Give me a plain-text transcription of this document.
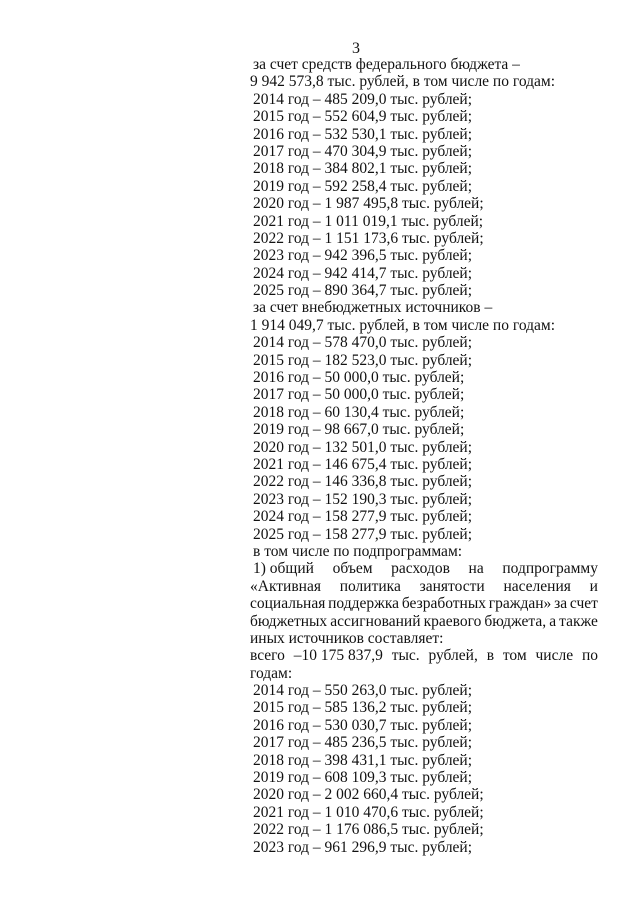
3
за счет средств федерального бюджета –
9 942 573,8 тыс. рублей, в том числе по годам:
2014 год – 485 209,0 тыс. рублей;
2015 год – 552 604,9 тыс. рублей;
2016 год – 532 530,1 тыс. рублей;
2017 год – 470 304,9 тыс. рублей;
2018 год – 384 802,1 тыс. рублей;
2019 год – 592 258,4 тыс. рублей;
2020 год – 1 987 495,8 тыс. рублей;
2021 год – 1 011 019,1 тыс. рублей;
2022 год – 1 151 173,6 тыс. рублей;
2023 год – 942 396,5 тыс. рублей;
2024 год – 942 414,7 тыс. рублей;
2025 год – 890 364,7 тыс. рублей;
за счет внебюджетных источников –
1 914 049,7 тыс. рублей, в том числе по годам:
2014 год – 578 470,0 тыс. рублей;
2015 год – 182 523,0 тыс. рублей;
2016 год – 50 000,0 тыс. рублей;
2017 год – 50 000,0 тыс. рублей;
2018 год – 60 130,4 тыс. рублей;
2019 год – 98 667,0 тыс. рублей;
2020 год – 132 501,0 тыс. рублей;
2021 год – 146 675,4 тыс. рублей;
2022 год – 146 336,8 тыс. рублей;
2023 год – 152 190,3 тыс. рублей;
2024 год – 158 277,9 тыс. рублей;
2025 год – 158 277,9 тыс. рублей;
в том числе по подпрограммам:
1) общий объем расходов на подпрограмму
«Активная политика занятости населения и
социальная поддержка безработных граждан» за счет
бюджетных ассигнований краевого бюджета, а также
иных источников составляет:
всего –10 175 837,9 тыс. рублей, в том числе по
годам:
2014 год – 550 263,0 тыс. рублей;
2015 год – 585 136,2 тыс. рублей;
2016 год – 530 030,7 тыс. рублей;
2017 год – 485 236,5 тыс. рублей;
2018 год – 398 431,1 тыс. рублей;
2019 год – 608 109,3 тыс. рублей;
2020 год – 2 002 660,4 тыс. рублей;
2021 год – 1 010 470,6 тыс. рублей;
2022 год – 1 176 086,5 тыс. рублей;
2023 год – 961 296,9 тыс. рублей;
